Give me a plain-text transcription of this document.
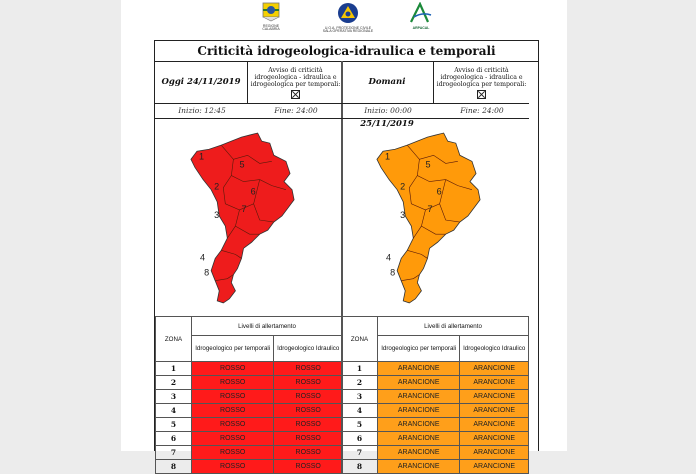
REGIONE CALABRIA	U.O.A. PROTEZIONE CIVILE
SALA OPERATIVA REGIONALE
ARPACAL
Criticità idrogeologica-idraulica e temporali
Oggi 24/11/2019
Avviso di criticità idrogeologica - idraulica e idrogeologica per temporali:

Inizio: 12:45	Fine: 24:00
1
2
3
4
5
6
7
8
ZONA	Livelli di allertamento	
	Idrogeologico per temporali	Idrogeologico Idraulico
1	ROSSO	ROSSO
2	ROSSO	ROSSO
3	ROSSO	ROSSO
4	ROSSO	ROSSO
5	ROSSO	ROSSO
6	ROSSO	ROSSO
7	ROSSO	ROSSO
8	ROSSO	ROSSO
Domani 25/11/2019
Avviso di criticità idrogeologica - idraulica e idrogeologica per temporali:

Inizio: 00:00	Fine: 24:00
1
2
3
4
5
6
7
8
ZONA	Livelli di allertamento	
	Idrogeologico per temporali	Idrogeologico Idraulico
1	ARANCIONE	ARANCIONE
2	ARANCIONE	ARANCIONE
3	ARANCIONE	ARANCIONE
4	ARANCIONE	ARANCIONE
5	ARANCIONE	ARANCIONE
6	ARANCIONE	ARANCIONE
7	ARANCIONE	ARANCIONE
8	ARANCIONE	ARANCIONE
